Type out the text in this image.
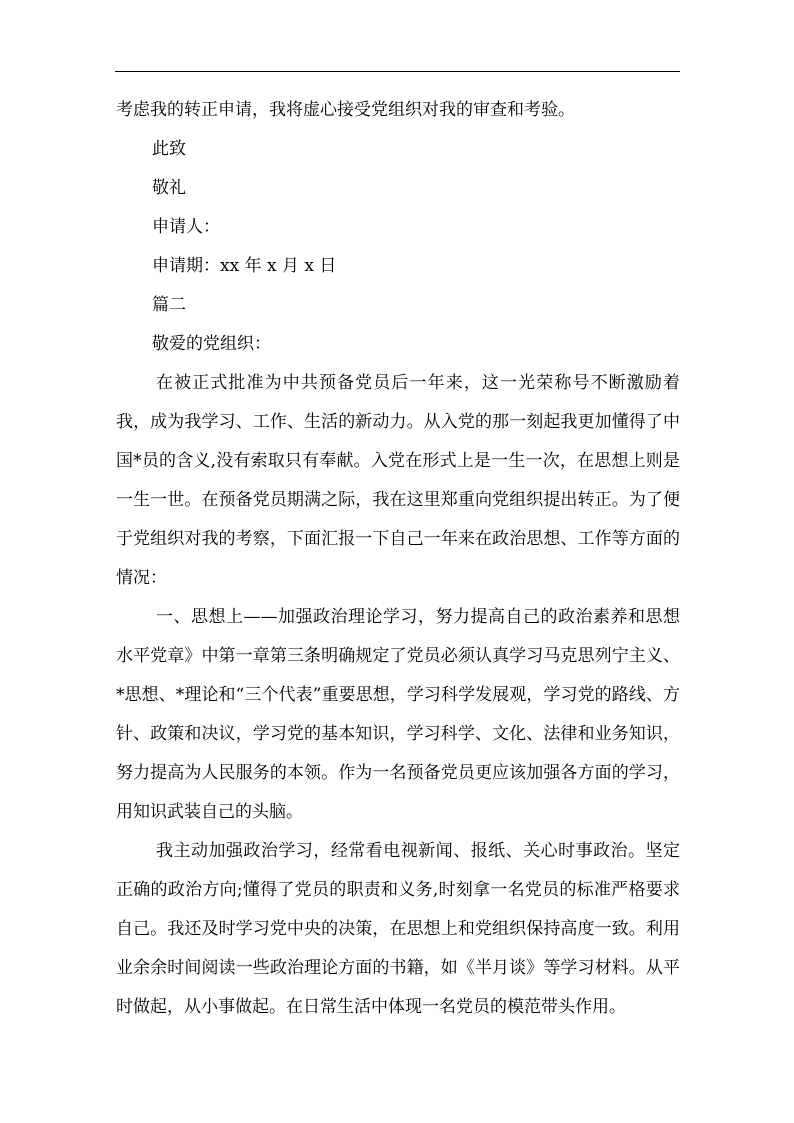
考虑我的转正申请，我将虚心接受党组织对我的审查和考验。

此致

敬礼

申请人：

申请期：xx 年 x 月 x 日

篇二

敬爱的党组织：

在被正式批准为中共预备党员后一年来，这一光荣称号不断激励着我，成为我学习、工作、生活的新动力。从入党的那一刻起我更加懂得了中国*员的含义,没有索取只有奉献。入党在形式上是一生一次，在思想上则是一生一世。在预备党员期满之际，我在这里郑重向党组织提出转正。为了便于党组织对我的考察，下面汇报一下自己一年来在政治思想、工作等方面的情况：

一、思想上——加强政治理论学习，努力提高自己的政治素养和思想水平党章》中第一章第三条明确规定了党员必须认真学习马克思列宁主义、*思想、*理论和“三个代表”重要思想，学习科学发展观，学习党的路线、方针、政策和决议，学习党的基本知识，学习科学、文化、法律和业务知识，努力提高为人民服务的本领。作为一名预备党员更应该加强各方面的学习，用知识武装自己的头脑。

我主动加强政治学习，经常看电视新闻、报纸、关心时事政治。坚定正确的政治方向;懂得了党员的职责和义务,时刻拿一名党员的标准严格要求自己。我还及时学习党中央的决策，在思想上和党组织保持高度一致。利用业余余时间阅读一些政治理论方面的书籍，如《半月谈》等学习材料。从平时做起，从小事做起。在日常生活中体现一名党员的模范带头作用。
